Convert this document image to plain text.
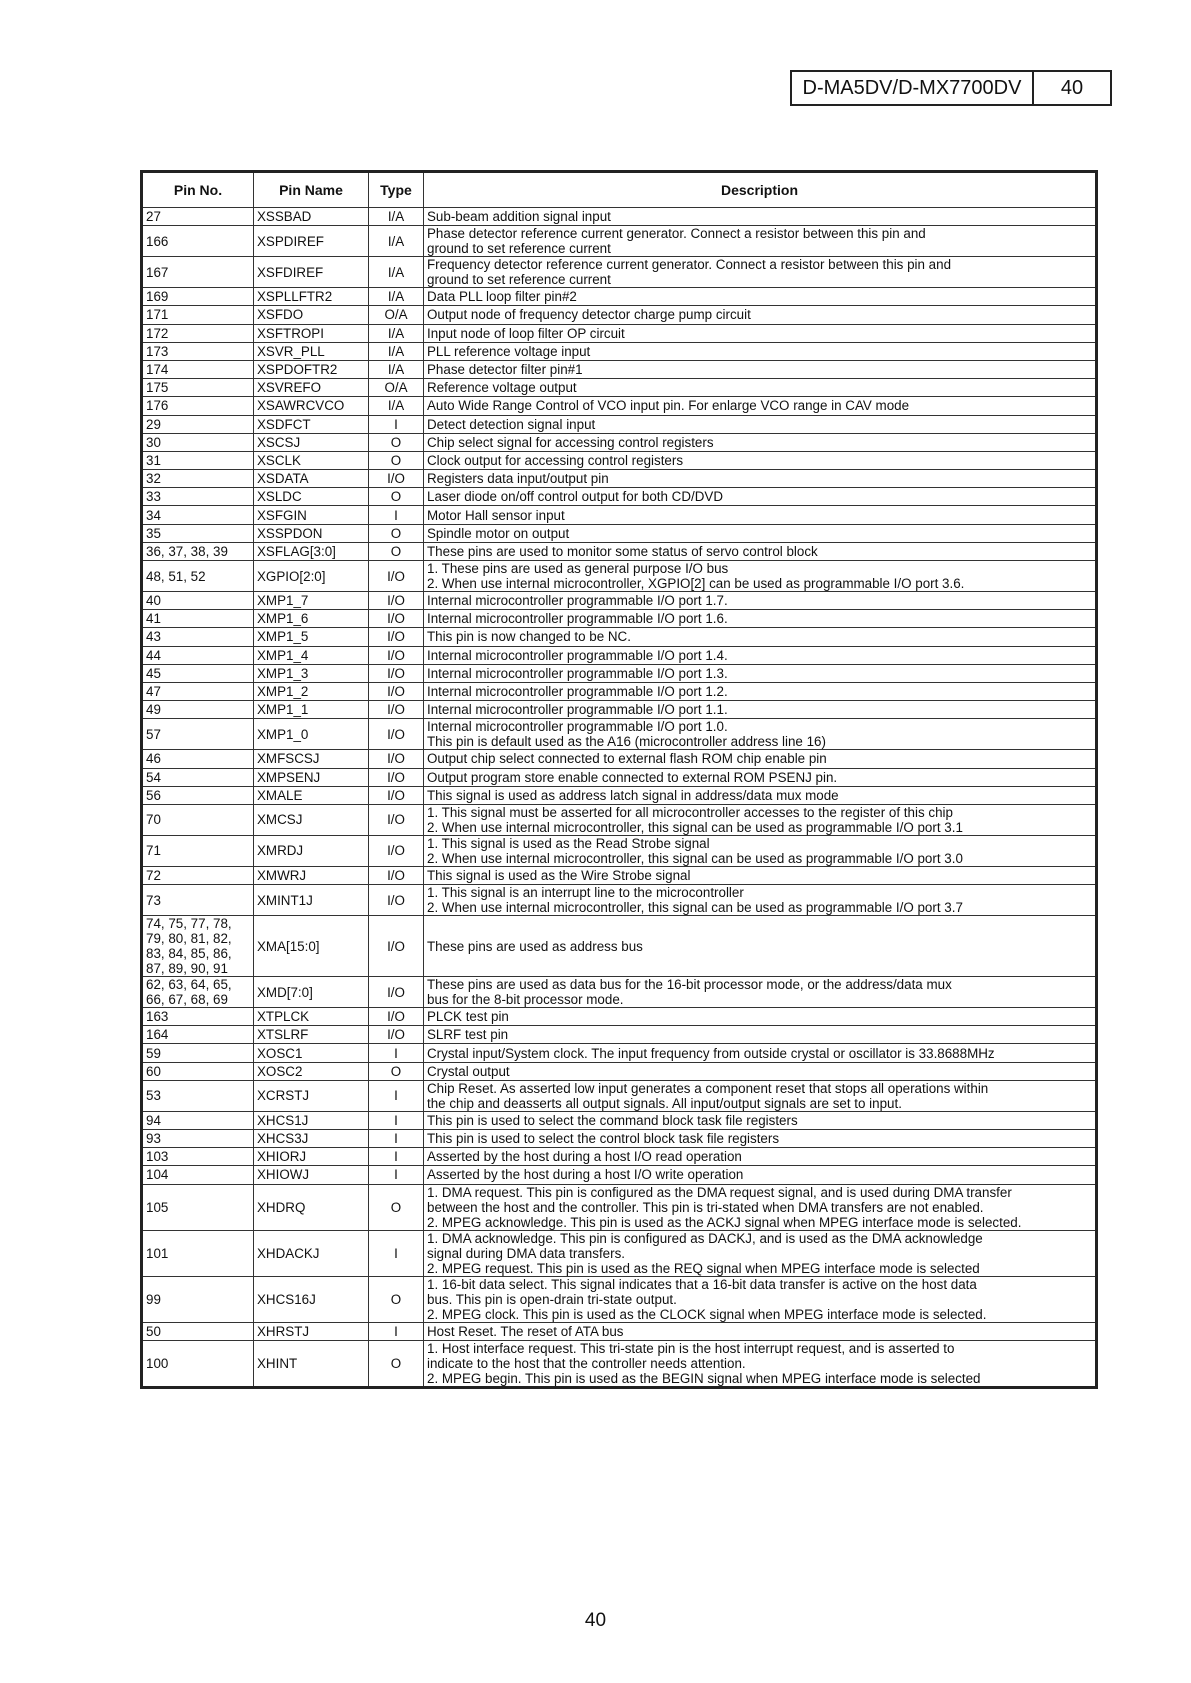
D-MA5DV/D-MX7700DV	40
Pin No.	Pin Name	Type	Description
27	XSSBAD	I/A	Sub-beam addition signal input
166	XSPDIREF	I/A	Phase detector reference current generator. Connect a resistor between this pin and
ground to set reference current
167	XSFDIREF	I/A	Frequency detector reference current generator. Connect a resistor between this pin and
ground to set reference current
169	XSPLLFTR2	I/A	Data PLL loop filter pin#2
171	XSFDO	O/A	Output node of frequency detector charge pump circuit
172	XSFTROPI	I/A	Input node of loop filter OP circuit
173	XSVR_PLL	I/A	PLL reference voltage input
174	XSPDOFTR2	I/A	Phase detector filter pin#1
175	XSVREFO	O/A	Reference voltage output
176	XSAWRCVCO	I/A	Auto Wide Range Control of VCO input pin. For enlarge VCO range in CAV mode
29	XSDFCT	I	Detect detection signal input
30	XSCSJ	O	Chip select signal for accessing control registers
31	XSCLK	O	Clock output for accessing control registers
32	XSDATA	I/O	Registers data input/output pin
33	XSLDC	O	Laser diode on/off control output for both CD/DVD
34	XSFGIN	I	Motor Hall sensor input
35	XSSPDON	O	Spindle motor on output
36, 37, 38, 39	XSFLAG[3:0]	O	These pins are used to monitor some status of servo control block
48, 51, 52	XGPIO[2:0]	I/O	1. These pins are used as general purpose I/O bus
2. When use internal microcontroller, XGPIO[2] can be used as programmable I/O port 3.6.
40	XMP1_7	I/O	Internal microcontroller programmable I/O port 1.7.
41	XMP1_6	I/O	Internal microcontroller programmable I/O port 1.6.
43	XMP1_5	I/O	This pin is now changed to be NC.
44	XMP1_4	I/O	Internal microcontroller programmable I/O port 1.4.
45	XMP1_3	I/O	Internal microcontroller programmable I/O port 1.3.
47	XMP1_2	I/O	Internal microcontroller programmable I/O port 1.2.
49	XMP1_1	I/O	Internal microcontroller programmable I/O port 1.1.
57	XMP1_0	I/O	Internal microcontroller programmable I/O port 1.0.
This pin is default used as the A16 (microcontroller address line 16)
46	XMFSCSJ	I/O	Output chip select connected to external flash ROM chip enable pin
54	XMPSENJ	I/O	Output program store enable connected to external ROM PSENJ pin.
56	XMALE	I/O	This signal is used as address latch signal in address/data mux mode
70	XMCSJ	I/O	1. This signal must be asserted for all microcontroller accesses to the register of this chip
2. When use internal microcontroller, this signal can be used as programmable I/O port 3.1
71	XMRDJ	I/O	1. This signal is used as the Read Strobe signal
2. When use internal microcontroller, this signal can be used as programmable I/O port 3.0
72	XMWRJ	I/O	This signal is used as the Wire Strobe signal
73	XMINT1J	I/O	1. This signal is an interrupt line to the microcontroller
2. When use internal microcontroller, this signal can be used as programmable I/O port 3.7
74, 75, 77, 78,
79, 80, 81, 82,
83, 84, 85, 86,
87, 89, 90, 91	XMA[15:0]	I/O	These pins are used as address bus
62, 63, 64, 65,
66, 67, 68, 69	XMD[7:0]	I/O	These pins are used as data bus for the 16-bit processor mode, or the address/data mux
bus for the 8-bit processor mode.
163	XTPLCK	I/O	PLCK test pin
164	XTSLRF	I/O	SLRF test pin
59	XOSC1	I	Crystal input/System clock. The input frequency from outside crystal or oscillator is 33.8688MHz
60	XOSC2	O	Crystal output
53	XCRSTJ	I	Chip Reset. As asserted low input generates a component reset that stops all operations within
the chip and deasserts all output signals. All input/output signals are set to input.
94	XHCS1J	I	This pin is used to select the command block task file registers
93	XHCS3J	I	This pin is used to select the control block task file registers
103	XHIORJ	I	Asserted by the host during a host I/O read operation
104	XHIOWJ	I	Asserted by the host during a host I/O write operation
105	XHDRQ	O	1. DMA request. This pin is configured as the DMA request signal, and is used during DMA transfer
between the host and the controller. This pin is tri-stated when DMA transfers are not enabled.
2. MPEG acknowledge. This pin is used as the ACKJ signal when MPEG interface mode is selected.
101	XHDACKJ	I	1. DMA acknowledge. This pin is configured as DACKJ, and is used as the DMA acknowledge
signal during DMA data transfers.
2. MPEG request. This pin is used as the REQ signal when MPEG interface mode is selected
99	XHCS16J	O	1. 16-bit data select. This signal indicates that a 16-bit data transfer is active on the host data
bus. This pin is open-drain tri-state output.
2. MPEG clock. This pin is used as the CLOCK signal when MPEG interface mode is selected.
50	XHRSTJ	I	Host Reset. The reset of ATA bus
100	XHINT	O	1. Host interface request. This tri-state pin is the host interrupt request, and is asserted to
indicate to the host that the controller needs attention.
2. MPEG begin. This pin is used as the BEGIN signal when MPEG interface mode is selected
40
